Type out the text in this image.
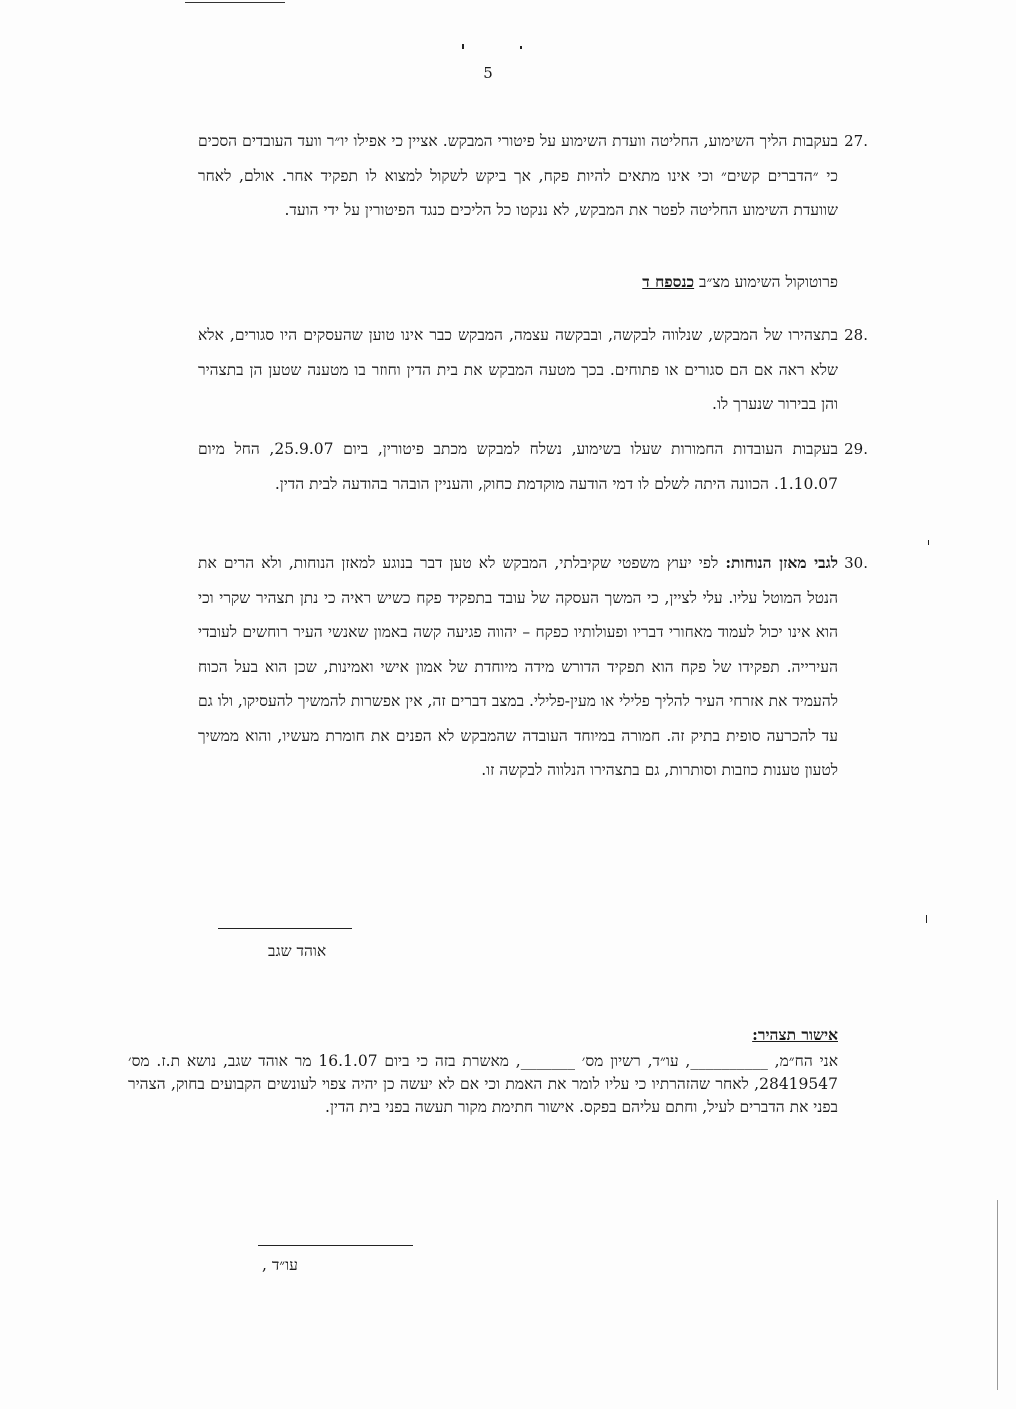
5
27.
בעקבות הליך השימוע, החליטה וועדת השימוע על פיטורי המבקש. אציין כי אפילו יו״ר וועד העובדים הסכים כי ״הדברים קשים״ וכי אינו מתאים להיות פקח, אך ביקש לשקול למצוא לו תפקיד אחר. אולם, לאחר שוועדת השימוע החליטה לפטר את המבקש, לא ננקטו כל הליכים כנגד הפיטורין על ידי הועד.
פרוטוקול השימוע מצ״ב כנספח ד
28.
בתצהירו של המבקש, שנלווה לבקשה, ובבקשה עצמה, המבקש כבר אינו טוען שהעסקים היו סגורים, אלא שלא ראה אם הם סגורים או פתוחים. בכך מטעה המבקש את בית הדין וחוזר בו מטענה שטען הן בתצהיר והן בבירור שנערך לו.
29.
בעקבות העובדות החמורות שעלו בשימוע, נשלח למבקש מכתב פיטורין, ביום 25.9.07, החל מיום 1.10.07. הכוונה היתה לשלם לו דמי הודעה מוקדמת כחוק, והעניין הובהר בהודעה לבית הדין.
30.
לגבי מאזן הנוחות: לפי יעוץ משפטי שקיבלתי, המבקש לא טען דבר בנוגע למאזן הנוחות, ולא הרים את הנטל המוטל עליו. עלי לציין, כי המשך העסקה של עובד בתפקיד פקח כשיש ראיה כי נתן תצהיר שקרי וכי הוא אינו יכול לעמוד מאחורי דבריו ופעולותיו כפקח – יהווה פגיעה קשה באמון שאנשי העיר רוחשים לעובדי העירייה. תפקידו של פקח הוא תפקיד הדורש מידה מיוחדת של אמון אישי ואמינות, שכן הוא בעל הכוח להעמיד את אזרחי העיר להליך פלילי או מעין-פלילי. במצב דברים זה, אין אפשרות להמשיך להעסיקו, ולו גם עד להכרעה סופית בתיק זה. חמורה במיוחד העובדה שהמבקש לא הפנים את חומרת מעשיו, והוא ממשיך לטעון טענות כוזבות וסותרות, גם בתצהירו הנלווה לבקשה זו.
אוהד שגב
אישור תצהיר:
אני הח״מ, __________, עו״ד, רשיון מס׳ _______, מאשרת בזה כי ביום 16.1.07 מר אוהד שגב, נושא ת.ז. מס׳ 28419547, לאחר שהזהרתיו כי עליו לומר את האמת וכי אם לא יעשה כן יהיה צפוי לעונשים הקבועים בחוק, הצהיר בפני את הדברים לעיל, וחתם עליהם בפקס. אישור חתימת מקור תעשה בפני בית הדין.
עו״ד ,
